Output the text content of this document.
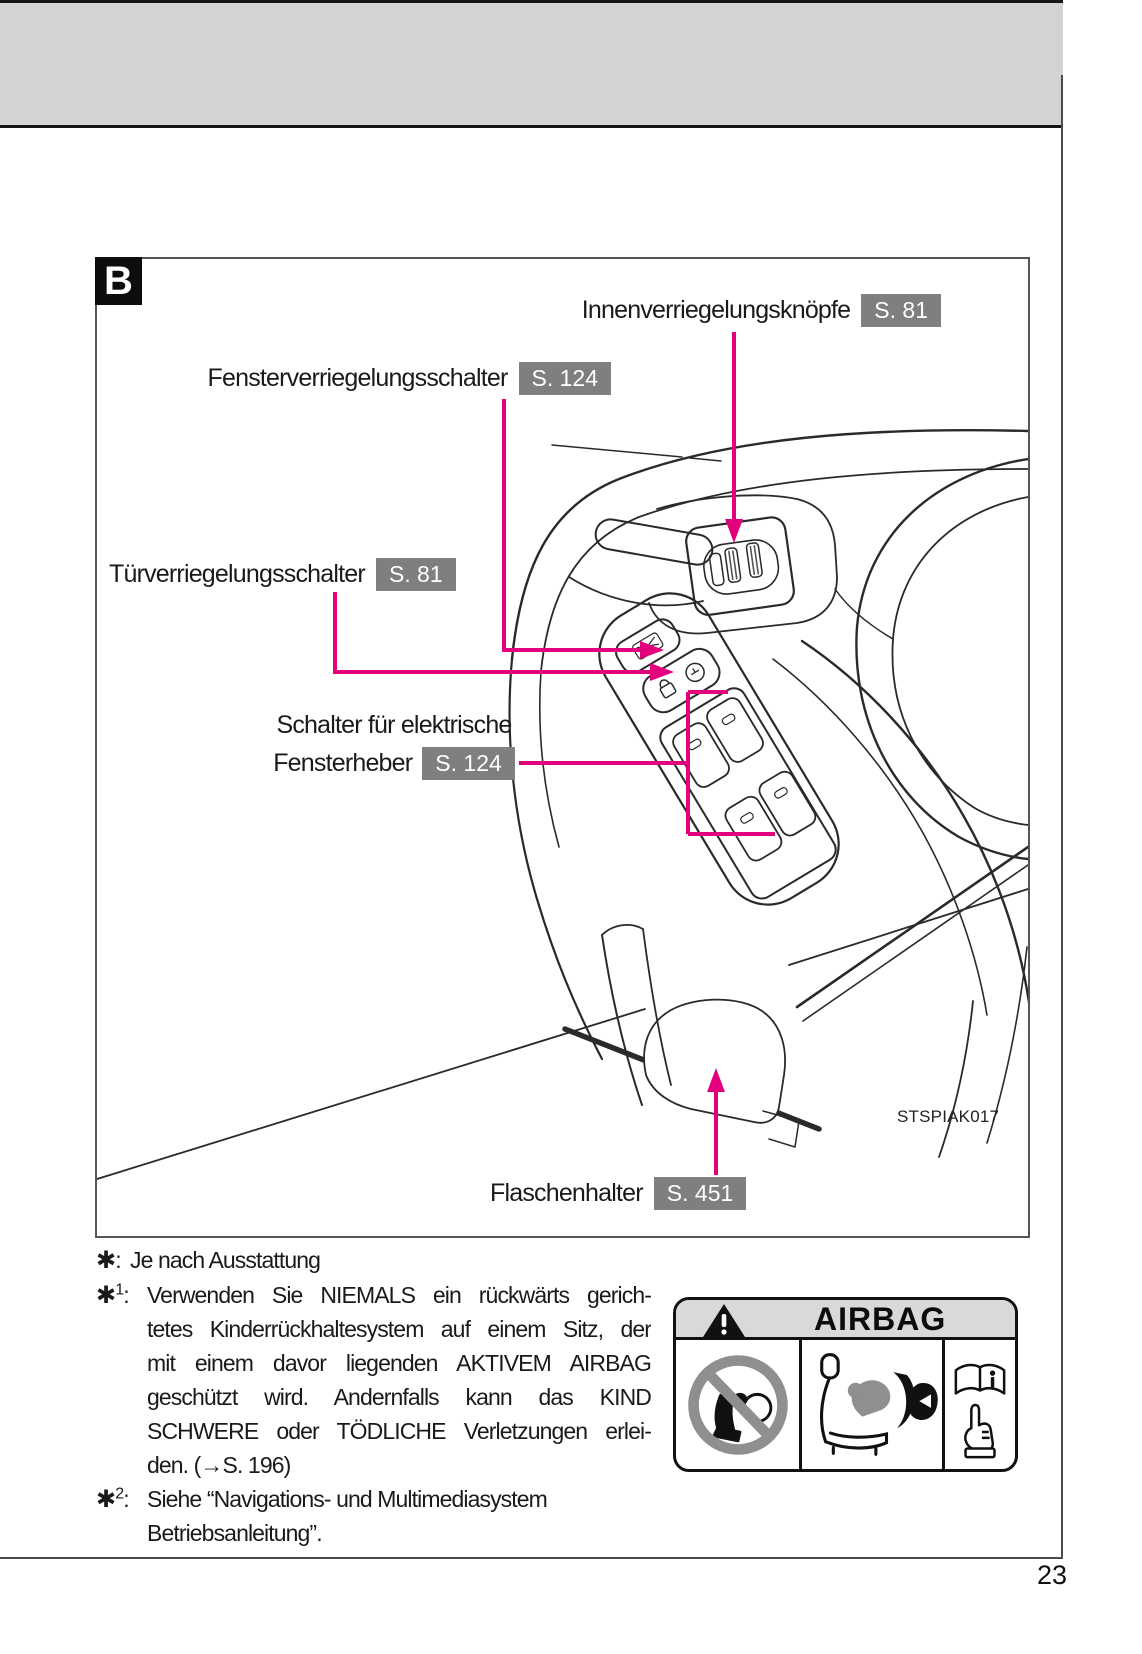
B
Innenverriegelungsknöpfe	S. 81
Fensterverriegelungsschalter	S. 124
Türverriegelungsschalter	S. 81
Schalter für elektrische
Fensterheber	S. 124
Flaschenhalter	S. 451
STSPIAK017
✱: Je nach Ausstattung
✱$^1$: Verwenden Sie NIEMALS ein rückwärts gerich-
tetes Kinderrückhaltesystem auf einem Sitz, der
mit einem davor liegenden AKTIVEM AIRBAG
geschützt wird. Andernfalls kann das KIND
SCHWERE oder TÖDLICHE Verletzungen erlei-
den. (→S. 196)
✱$^2$: Siehe “Navigations- und Multimediasystem
Betriebsanleitung”.
AIRBAG
23
